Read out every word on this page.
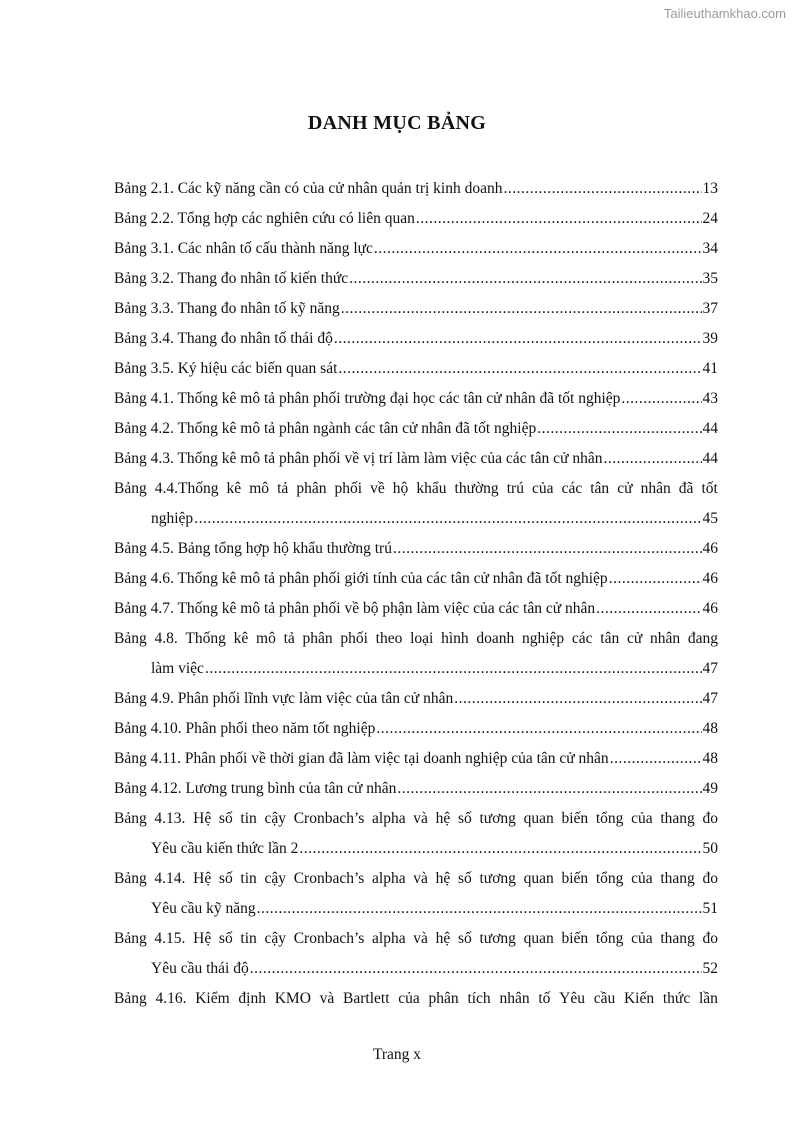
Tailieuthamkhao.com
DANH MỤC BẢNG
Bảng 2.1. Các kỹ năng cần có của cử nhân quản trị kinh doanh .....	13
Bảng 2.2. Tổng hợp các nghiên cứu có liên quan .....	24
Bảng 3.1. Các nhân tố cấu thành năng lực .....	34
Bảng 3.2. Thang đo nhân tố kiến thức .....	35
Bảng 3.3. Thang đo nhân tố kỹ năng .....	37
Bảng 3.4. Thang đo nhân tố thái độ .....	39
Bảng 3.5. Ký hiệu các biến quan sát .....	41
Bảng 4.1. Thống kê mô tả phân phối trường đại học các tân cử nhân đã tốt nghiệp .....	43
Bảng 4.2. Thống kê mô tả phân ngành các tân cử nhân đã tốt nghiệp .....	44
Bảng 4.3. Thống kê mô tả phân phối về vị trí làm làm việc của các tân cử nhân .....	44
Bảng 4.4.Thống kê mô tả phân phối về hộ khẩu thường trú của các tân cử nhân đã tốt
nghiệp .....	45
Bảng 4.5. Bảng tổng hợp hộ khẩu thường trú .....	46
Bảng 4.6. Thống kê mô tả phân phối giới tính của các tân cử nhân đã tốt nghiệp .....	46
Bảng 4.7. Thống kê mô tả phân phối về bộ phận làm việc của các tân cử nhân .....	46
Bảng 4.8. Thống kê mô tả phân phối theo loại hình doanh nghiệp các tân cử nhân đang
làm việc .....	47
Bảng 4.9. Phân phối lĩnh vực làm việc của tân cử nhân .....	47
Bảng 4.10. Phân phối theo năm tốt nghiệp .....	48
Bảng 4.11. Phân phối về thời gian đã làm việc tại doanh nghiệp của tân cử nhân .....	48
Bảng 4.12. Lương trung bình của tân cử nhân .....	49
Bảng 4.13. Hệ số tin cậy Cronbach’s alpha và hệ số tương quan biến tổng của thang đo
Yêu cầu kiến thức lần 2 .....	50
Bảng 4.14. Hệ số tin cậy Cronbach’s alpha và hệ số tương quan biến tổng của thang đo
Yêu cầu kỹ năng .....	51
Bảng 4.15. Hệ số tin cậy Cronbach’s alpha và hệ số tương quan biến tổng của thang đo
Yêu cầu thái độ .....	52
Bảng 4.16. Kiểm định KMO và Bartlett của phân tích nhân tố Yêu cầu Kiến thức lần
Trang x
